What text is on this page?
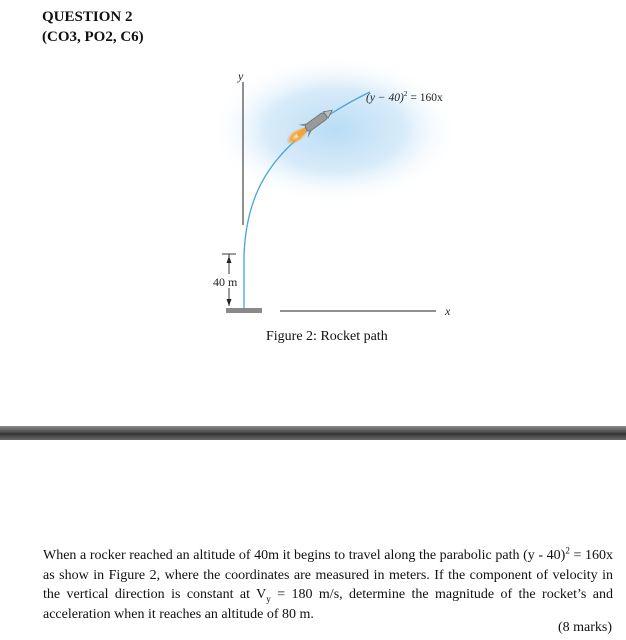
QUESTION 2
(CO3, PO2, C6)
y
x
40 m
$(y - 40)^2 = 160x$
Figure 2: Rocket path
When a rocker reached an altitude of 40m it begins to travel along the parabolic path (y - 40)$^2$ = 160x as show in Figure 2, where the coordinates are measured in meters. If the component of velocity in the vertical direction is constant at $V_y = 180$ m/s, determine the magnitude of the rocket’s and acceleration when it reaches an altitude of 80 m.
(8 marks)
